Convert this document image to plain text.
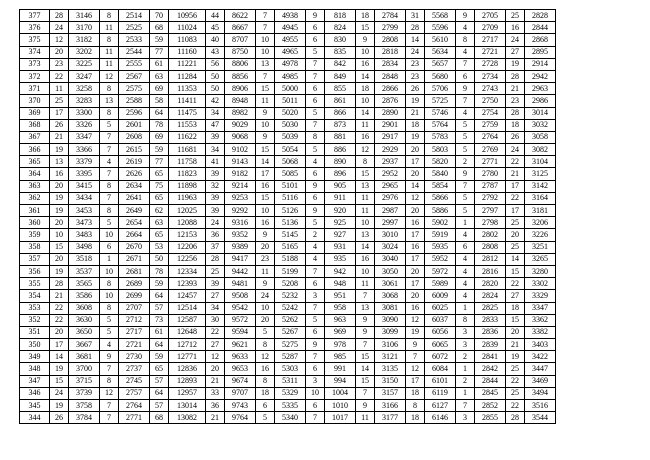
377	28	3146	8	2514	70	10956	44	8622	7	4938	9	818	18	2784	31	5568	9	2705	25	2828
376	24	3170	11	2525	68	11024	45	8667	7	4945	6	824	15	2799	28	5596	4	2709	16	2844
375	12	3182	8	2533	59	11083	40	8707	10	4955	6	830	9	2808	14	5610	8	2717	24	2868
374	20	3202	11	2544	77	11160	43	8750	10	4965	5	835	10	2818	24	5634	4	2721	27	2895
373	23	3225	11	2555	61	11221	56	8806	13	4978	7	842	16	2834	23	5657	7	2728	19	2914
372	22	3247	12	2567	63	11284	50	8856	7	4985	7	849	14	2848	23	5680	6	2734	28	2942
371	11	3258	8	2575	69	11353	50	8906	15	5000	6	855	18	2866	26	5706	9	2743	21	2963
370	25	3283	13	2588	58	11411	42	8948	11	5011	6	861	10	2876	19	5725	7	2750	23	2986
369	17	3300	8	2596	64	11475	34	8982	9	5020	5	866	14	2890	21	5746	4	2754	28	3014
368	26	3326	5	2601	78	11553	47	9029	10	5030	7	873	11	2901	18	5764	5	2759	18	3032
367	21	3347	7	2608	69	11622	39	9068	9	5039	8	881	16	2917	19	5783	5	2764	26	3058
366	19	3366	7	2615	59	11681	34	9102	15	5054	5	886	12	2929	20	5803	5	2769	24	3082
365	13	3379	4	2619	77	11758	41	9143	14	5068	4	890	8	2937	17	5820	2	2771	22	3104
364	16	3395	7	2626	65	11823	39	9182	17	5085	6	896	15	2952	20	5840	9	2780	21	3125
363	20	3415	8	2634	75	11898	32	9214	16	5101	9	905	13	2965	14	5854	7	2787	17	3142
362	19	3434	7	2641	65	11963	39	9253	15	5116	6	911	11	2976	12	5866	5	2792	22	3164
361	19	3453	8	2649	62	12025	39	9292	10	5126	9	920	11	2987	20	5886	5	2797	17	3181
360	20	3473	5	2654	63	12088	24	9316	16	5136	5	925	10	2997	16	5902	1	2798	25	3206
359	10	3483	10	2664	65	12153	36	9352	9	5145	2	927	13	3010	17	5919	4	2802	20	3226
358	15	3498	6	2670	53	12206	37	9389	20	5165	4	931	14	3024	16	5935	6	2808	25	3251
357	20	3518	1	2671	50	12256	28	9417	23	5188	4	935	16	3040	17	5952	4	2812	14	3265
356	19	3537	10	2681	78	12334	25	9442	11	5199	7	942	10	3050	20	5972	4	2816	15	3280
355	28	3565	8	2689	59	12393	39	9481	9	5208	6	948	11	3061	17	5989	4	2820	22	3302
354	21	3586	10	2699	64	12457	27	9508	24	5232	3	951	7	3068	20	6009	4	2824	27	3329
353	22	3608	8	2707	57	12514	34	9542	10	5242	7	958	13	3081	16	6025	1	2825	18	3347
352	22	3630	5	2712	73	12587	30	9572	20	5262	5	963	9	3090	12	6037	8	2833	15	3362
351	20	3650	5	2717	61	12648	22	9594	5	5267	6	969	9	3099	19	6056	3	2836	20	3382
350	17	3667	4	2721	64	12712	27	9621	8	5275	9	978	7	3106	9	6065	3	2839	21	3403
349	14	3681	9	2730	59	12771	12	9633	12	5287	7	985	15	3121	7	6072	2	2841	19	3422
348	19	3700	7	2737	65	12836	20	9653	16	5303	6	991	14	3135	12	6084	1	2842	25	3447
347	15	3715	8	2745	57	12893	21	9674	8	5311	3	994	15	3150	17	6101	2	2844	22	3469
346	24	3739	12	2757	64	12957	33	9707	18	5329	10	1004	7	3157	18	6119	1	2845	25	3494
345	19	3758	7	2764	57	13014	36	9743	6	5335	6	1010	9	3166	8	6127	7	2852	22	3516
344	26	3784	7	2771	68	13082	21	9764	5	5340	7	1017	11	3177	18	6146	3	2855	28	3544
